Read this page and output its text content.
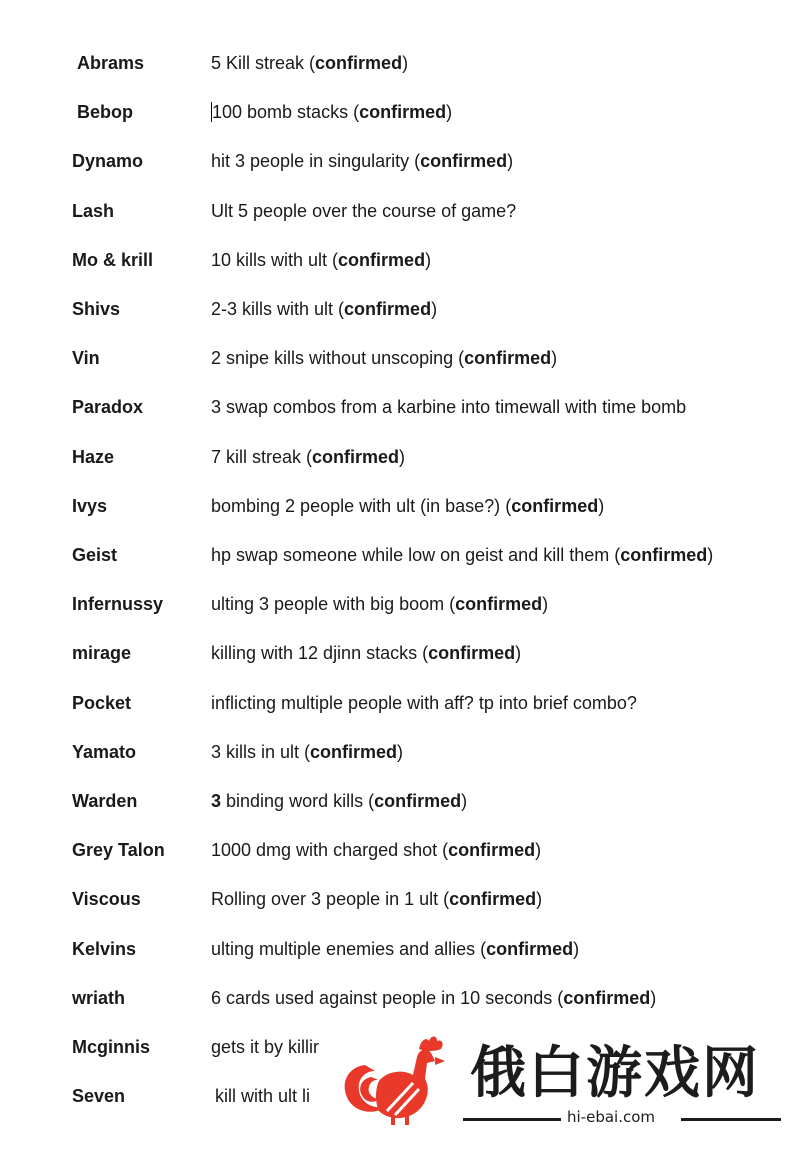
Abrams	5 Kill streak (confirmed)
Bebop	100 bomb stacks (confirmed)
Dynamo	hit 3 people in singularity (confirmed)
Lash	Ult 5 people over the course of game?
Mo & krill	10 kills with ult (confirmed)
Shivs	2-3 kills with ult (confirmed)
Vin	2 snipe kills without unscoping (confirmed)
Paradox	3 swap combos from a karbine into timewall with time bomb
Haze	7 kill streak (confirmed)
Ivys	bombing 2 people with ult (in base?) (confirmed)
Geist	hp swap someone while low on geist and kill them (confirmed)
Infernussy	ulting 3 people with big boom (confirmed)
mirage	killing with 12 djinn stacks (confirmed)
Pocket	inflicting multiple people with aff? tp into brief combo?
Yamato	3 kills in ult (confirmed)
Warden	3 binding word kills (confirmed)
Grey Talon	1000 dmg with charged shot (confirmed)
Viscous	Rolling over 3 people in 1 ult (confirmed)
Kelvins	ulting multiple enemies and allies (confirmed)
wriath	6 cards used against people in 10 seconds (confirmed)
Mcginnis	gets it by killir
Seven	kill with ult li	俄白游戏网
hi-ebai.com
